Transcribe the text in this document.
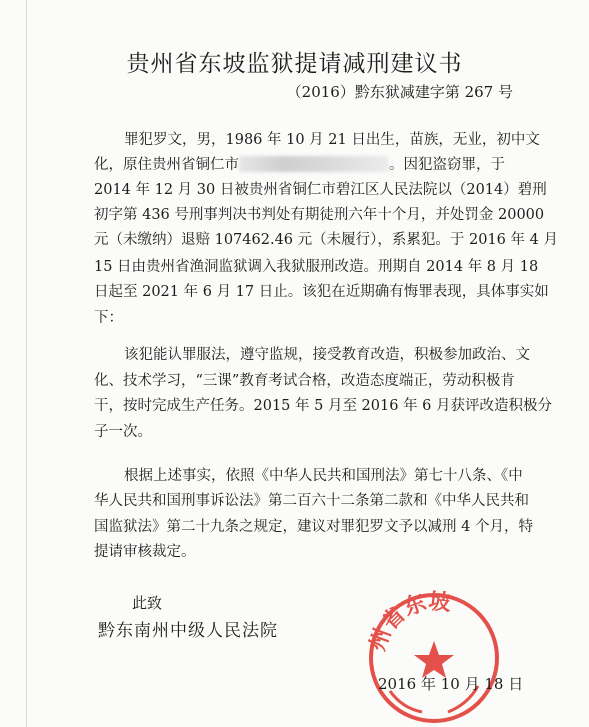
贵州省东坡监狱提请减刑建议书
（2016）黔东狱减建字第 267 号
罪犯罗文，男，1986 年 10 月 21 日出生，苗族，无业，初中文
化，原住贵州省铜仁市	。因犯盗窃罪，于
2014 年 12 月 30 日被贵州省铜仁市碧江区人民法院以（2014）碧刑
初字第 436 号刑事判决书判处有期徒刑六年十个月，并处罚金 20000
元（未缴纳）退赔 107462.46 元（未履行），系累犯。于 2016 年 4 月
15 日由贵州省渔洞监狱调入我狱服刑改造。刑期自 2014 年 8 月 18
日起至 2021 年 6 月 17 日止。该犯在近期确有悔罪表现，具体事实如
下：
该犯能认罪服法，遵守监规，接受教育改造，积极参加政治、文
化、技术学习，“三课”教育考试合格，改造态度端正，劳动积极肯
干，按时完成生产任务。2015 年 5 月至 2016 年 6 月获评改造积极分
子一次。
根据上述事实，依照《中华人民共和国刑法》第七十八条、《中
华人民共和国刑事诉讼法》第二百六十二条第二款和《中华人民共和
国监狱法》第二十九条之规定，建议对罪犯罗文予以减刑 4 个月，特
提请审核裁定。
此致
黔东南州中级人民法院	州省东坡
2016 年 10 月 18 日
